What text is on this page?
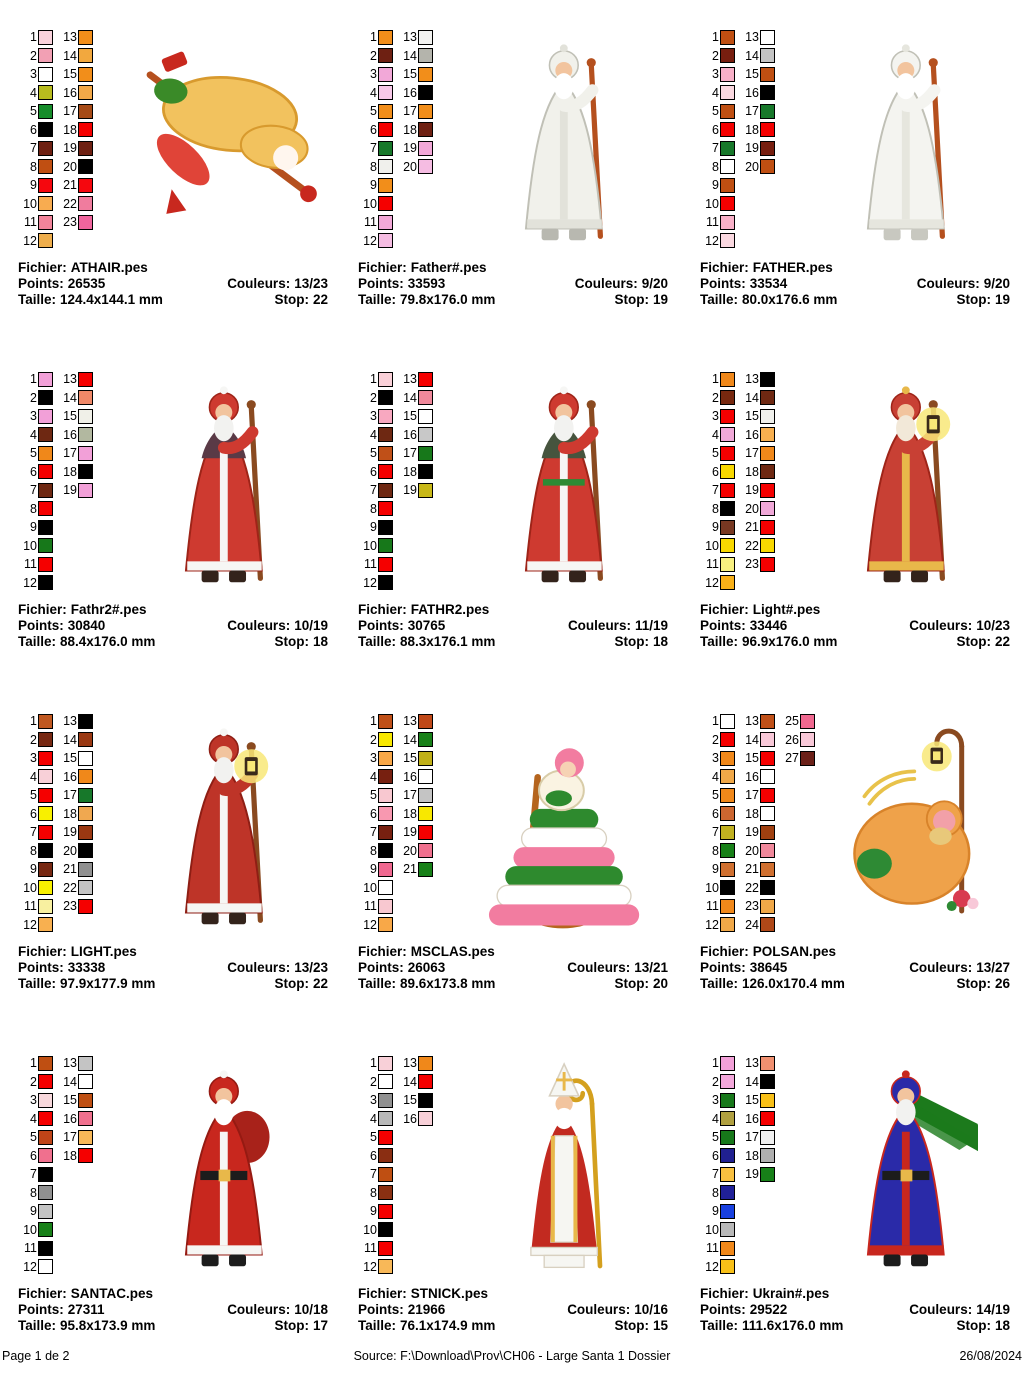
1
2
3
4
5
6
7
8
9
10
11
12
13
14
15
16
17
18
19
20
21
22
23
Fichier: ATHAIR.pes
Points: 26535
Taille: 124.4x144.1 mm

Couleurs: 13/23
Stop: 22
1
2
3
4
5
6
7
8
9
10
11
12
13
14
15
16
17
18
19
20
Fichier: Father#.pes
Points: 33593
Taille: 79.8x176.0 mm

Couleurs: 9/20
Stop: 19
1
2
3
4
5
6
7
8
9
10
11
12
13
14
15
16
17
18
19
20
Fichier: FATHER.pes
Points: 33534
Taille: 80.0x176.6 mm

Couleurs: 9/20
Stop: 19
1
2
3
4
5
6
7
8
9
10
11
12
13
14
15
16
17
18
19
Fichier: Fathr2#.pes
Points: 30840
Taille: 88.4x176.0 mm

Couleurs: 10/19
Stop: 18
1
2
3
4
5
6
7
8
9
10
11
12
13
14
15
16
17
18
19
Fichier: FATHR2.pes
Points: 30765
Taille: 88.3x176.1 mm

Couleurs: 11/19
Stop: 18
1
2
3
4
5
6
7
8
9
10
11
12
13
14
15
16
17
18
19
20
21
22
23
Fichier: Light#.pes
Points: 33446
Taille: 96.9x176.0 mm

Couleurs: 10/23
Stop: 22
1
2
3
4
5
6
7
8
9
10
11
12
13
14
15
16
17
18
19
20
21
22
23
Fichier: LIGHT.pes
Points: 33338
Taille: 97.9x177.9 mm

Couleurs: 13/23
Stop: 22
1
2
3
4
5
6
7
8
9
10
11
12
13
14
15
16
17
18
19
20
21
Fichier: MSCLAS.pes
Points: 26063
Taille: 89.6x173.8 mm

Couleurs: 13/21
Stop: 20
1
2
3
4
5
6
7
8
9
10
11
12
13
14
15
16
17
18
19
20
21
22
23
24
25
26
27
Fichier: POLSAN.pes
Points: 38645
Taille: 126.0x170.4 mm

Couleurs: 13/27
Stop: 26
1
2
3
4
5
6
7
8
9
10
11
12
13
14
15
16
17
18
Fichier: SANTAC.pes
Points: 27311
Taille: 95.8x173.9 mm

Couleurs: 10/18
Stop: 17
1
2
3
4
5
6
7
8
9
10
11
12
13
14
15
16
Fichier: STNICK.pes
Points: 21966
Taille: 76.1x174.9 mm

Couleurs: 10/16
Stop: 15
1
2
3
4
5
6
7
8
9
10
11
12
13
14
15
16
17
18
19
Fichier: Ukrain#.pes
Points: 29522
Taille: 111.6x176.0 mm

Couleurs: 14/19
Stop: 18
Source: F:\Download\Prov\CH06 - Large Santa 1 Dossier
Page 1 de 2	26/08/2024
